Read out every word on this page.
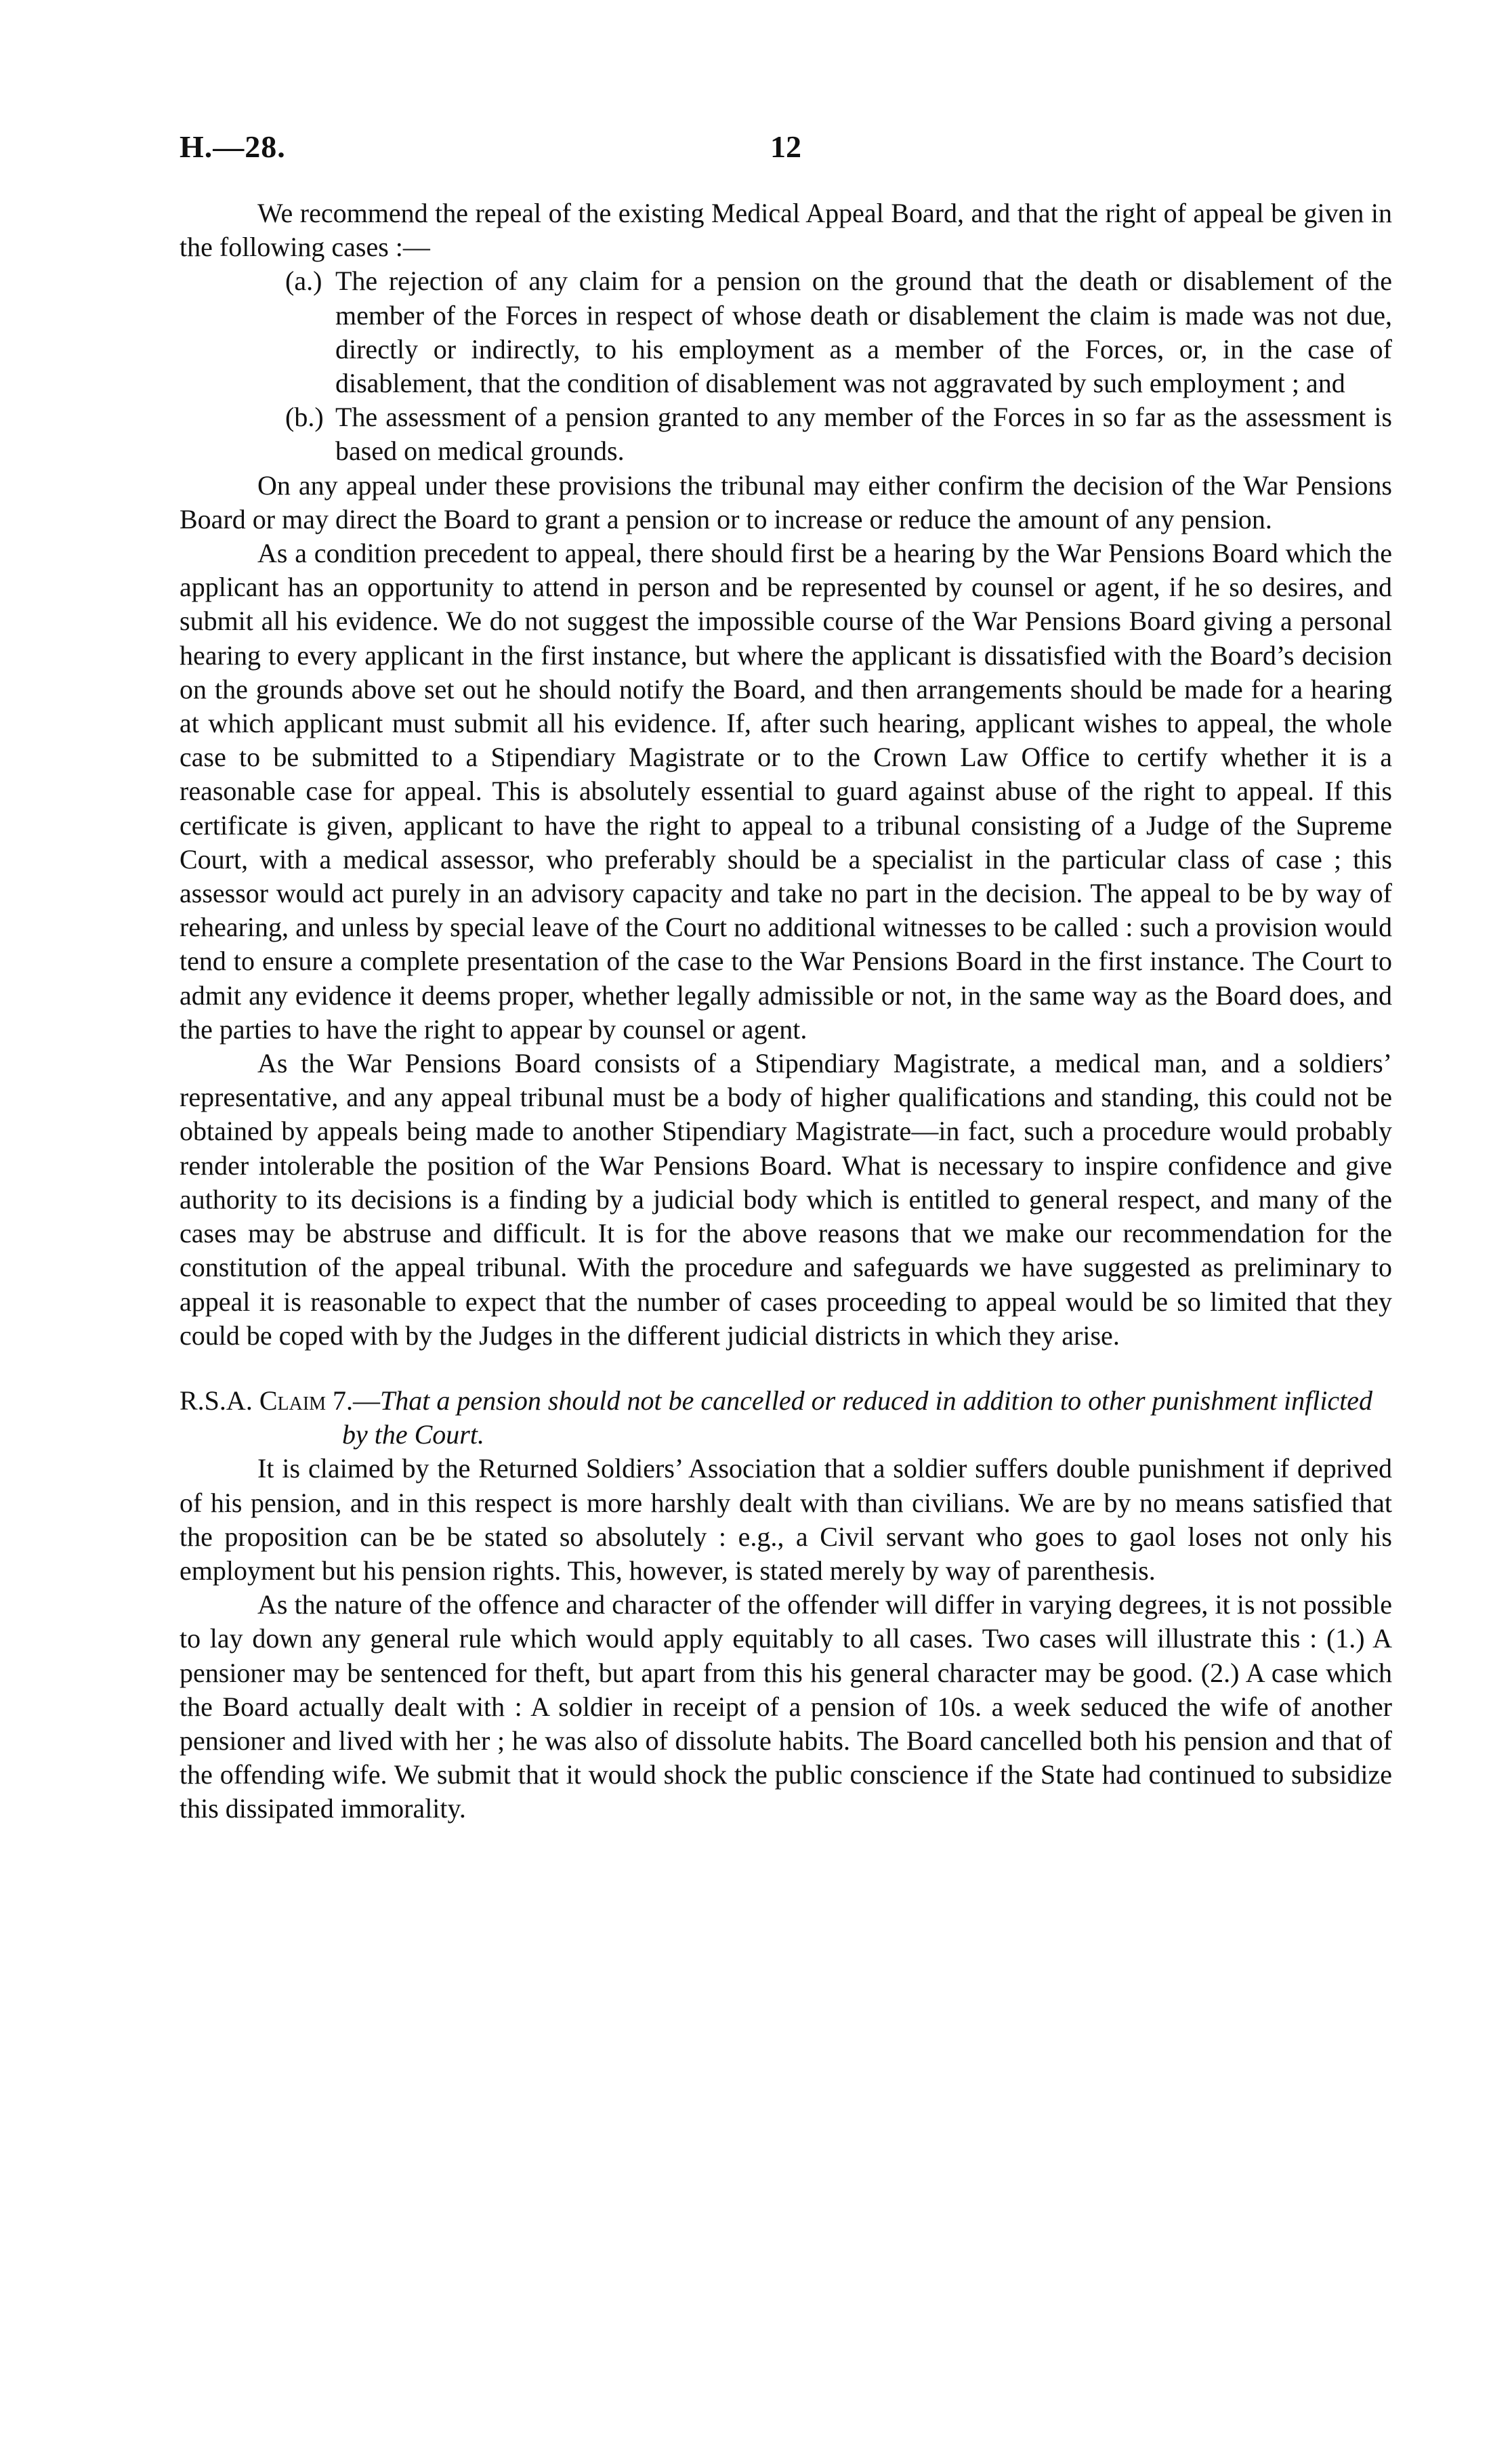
H.—28.	12

We recommend the repeal of the existing Medical Appeal Board, and that the right of appeal be given in the following cases :—

(a.) The rejection of any claim for a pension on the ground that the death or disablement of the member of the Forces in respect of whose death or disablement the claim is made was not due, directly or indirectly, to his employment as a member of the Forces, or, in the case of disablement, that the condition of disablement was not aggravated by such employment ; and

(b.) The assessment of a pension granted to any member of the Forces in so far as the assessment is based on medical grounds.

On any appeal under these provisions the tribunal may either confirm the decision of the War Pensions Board or may direct the Board to grant a pension or to increase or reduce the amount of any pension.

As a condition precedent to appeal, there should first be a hearing by the War Pensions Board which the applicant has an opportunity to attend in person and be represented by counsel or agent, if he so desires, and submit all his evidence. We do not suggest the impossible course of the War Pensions Board giving a personal hearing to every applicant in the first instance, but where the applicant is dissatisfied with the Board’s decision on the grounds above set out he should notify the Board, and then arrangements should be made for a hearing at which applicant must submit all his evidence. If, after such hearing, applicant wishes to appeal, the whole case to be submitted to a Stipendiary Magistrate or to the Crown Law Office to certify whether it is a reasonable case for appeal. This is absolutely essential to guard against abuse of the right to appeal. If this certificate is given, applicant to have the right to appeal to a tribunal consisting of a Judge of the Supreme Court, with a medical assessor, who preferably should be a specialist in the particular class of case ; this assessor would act purely in an advisory capacity and take no part in the decision. The appeal to be by way of rehearing, and unless by special leave of the Court no additional witnesses to be called : such a provision would tend to ensure a complete presentation of the case to the War Pensions Board in the first instance. The Court to admit any evidence it deems proper, whether legally admissible or not, in the same way as the Board does, and the parties to have the right to appear by counsel or agent.

As the War Pensions Board consists of a Stipendiary Magistrate, a medical man, and a soldiers’ representative, and any appeal tribunal must be a body of higher qualifications and standing, this could not be obtained by appeals being made to another Stipendiary Magistrate—in fact, such a procedure would probably render intolerable the position of the War Pensions Board. What is necessary to inspire confidence and give authority to its decisions is a finding by a judicial body which is entitled to general respect, and many of the cases may be abstruse and difficult. It is for the above reasons that we make our recommendation for the constitution of the appeal tribunal. With the procedure and safeguards we have suggested as preliminary to appeal it is reasonable to expect that the number of cases proceeding to appeal would be so limited that they could be coped with by the Judges in the different judicial districts in which they arise.

R.S.A. Claim 7.—That a pension should not be cancelled or reduced in addition to other punishment inflicted by the Court.

It is claimed by the Returned Soldiers’ Association that a soldier suffers double punishment if deprived of his pension, and in this respect is more harshly dealt with than civilians. We are by no means satisfied that the proposition can be be stated so absolutely : e.g., a Civil servant who goes to gaol loses not only his employment but his pension rights. This, however, is stated merely by way of parenthesis.

As the nature of the offence and character of the offender will differ in varying degrees, it is not possible to lay down any general rule which would apply equitably to all cases. Two cases will illustrate this : (1.) A pensioner may be sentenced for theft, but apart from this his general character may be good. (2.) A case which the Board actually dealt with : A soldier in receipt of a pension of 10s. a week seduced the wife of another pensioner and lived with her ; he was also of dissolute habits. The Board cancelled both his pension and that of the offending wife. We submit that it would shock the public conscience if the State had continued to subsidize this dissipated immorality.
